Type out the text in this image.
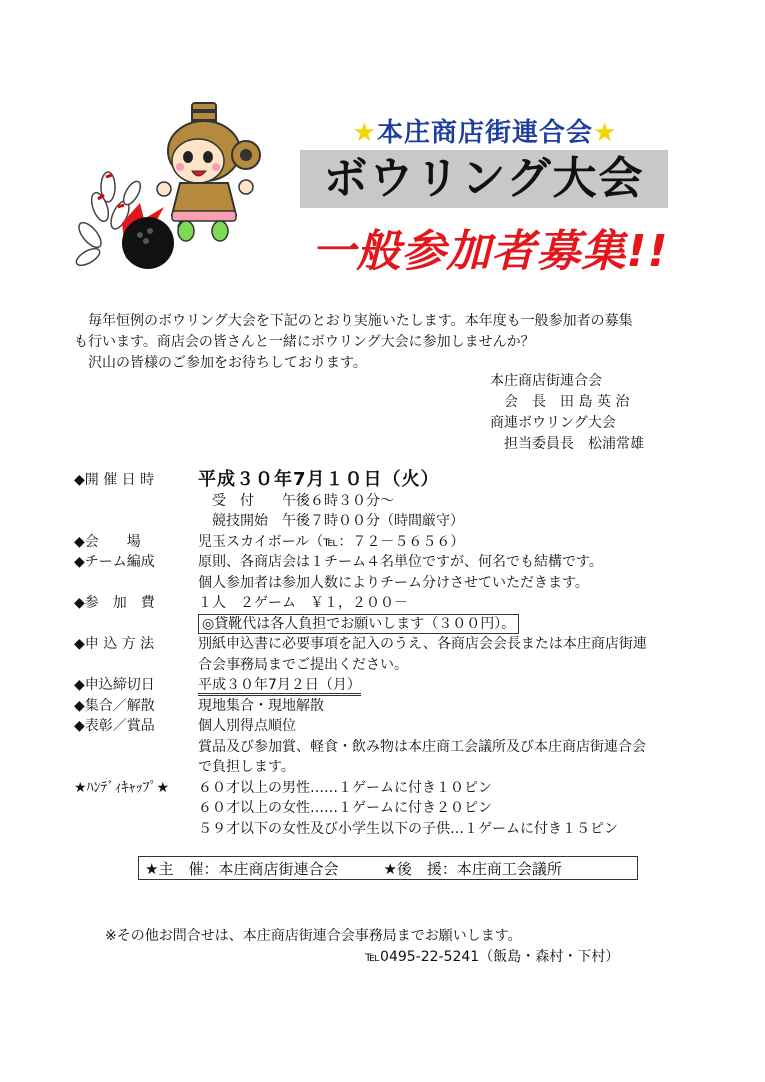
★本庄商店街連合会★
ボウリング大会
一般参加者募集!!

　毎年恒例のボウリング大会を下記のとおり実施いたします。本年度も一般参加者の募集

も行います。商店会の皆さんと一緒にボウリング大会に参加しませんか？

　沢山の皆様のご参加をお待ちしております。

本庄商店街連合会
　会　長　田 島 英 治
商連ボウリング大会
　担当委員長　松浦常雄
◆開 催 日 時	平成３０年7月１０日（火）
　受　付　　午後６時３０分～
　競技開始　午後７時００分（時間厳守）
◆会　　場	児玉スカイボール（℡：７２－５６５６）
◆チーム編成	原則、各商店会は１チーム４名単位ですが、何名でも結構です。
個人参加者は参加人数によりチーム分けさせていただきます。
◆参　加　費	１人　２ゲーム　￥１，２００－
◎貸靴代は各人負担でお願いします（３００円）。
◆申 込 方 法	別紙申込書に必要事項を記入のうえ、各商店会会長または本庄商店街連
合会事務局までご提出ください。
◆申込締切日	平成３０年7月２日（月）
◆集合／解散	現地集合・現地解散
◆表彰／賞品	個人別得点順位
賞品及び参加賞、軽食・飲み物は本庄商工会議所及び本庄商店街連合会
で負担します。
★ﾊﾝﾃﾞｨｷｬｯﾌﾟ★	６０才以上の男性……１ゲームに付き１０ピン
６０才以上の女性……１ゲームに付き２０ピン
５９才以下の女性及び小学生以下の子供…１ゲームに付き１５ピン
★主　催：本庄商店街連合会　　　	★後　援：本庄商工会議所
※その他お問合せは、本庄商店街連合会事務局までお願いします。
℡0495-22-5241（飯島・森村・下村）
